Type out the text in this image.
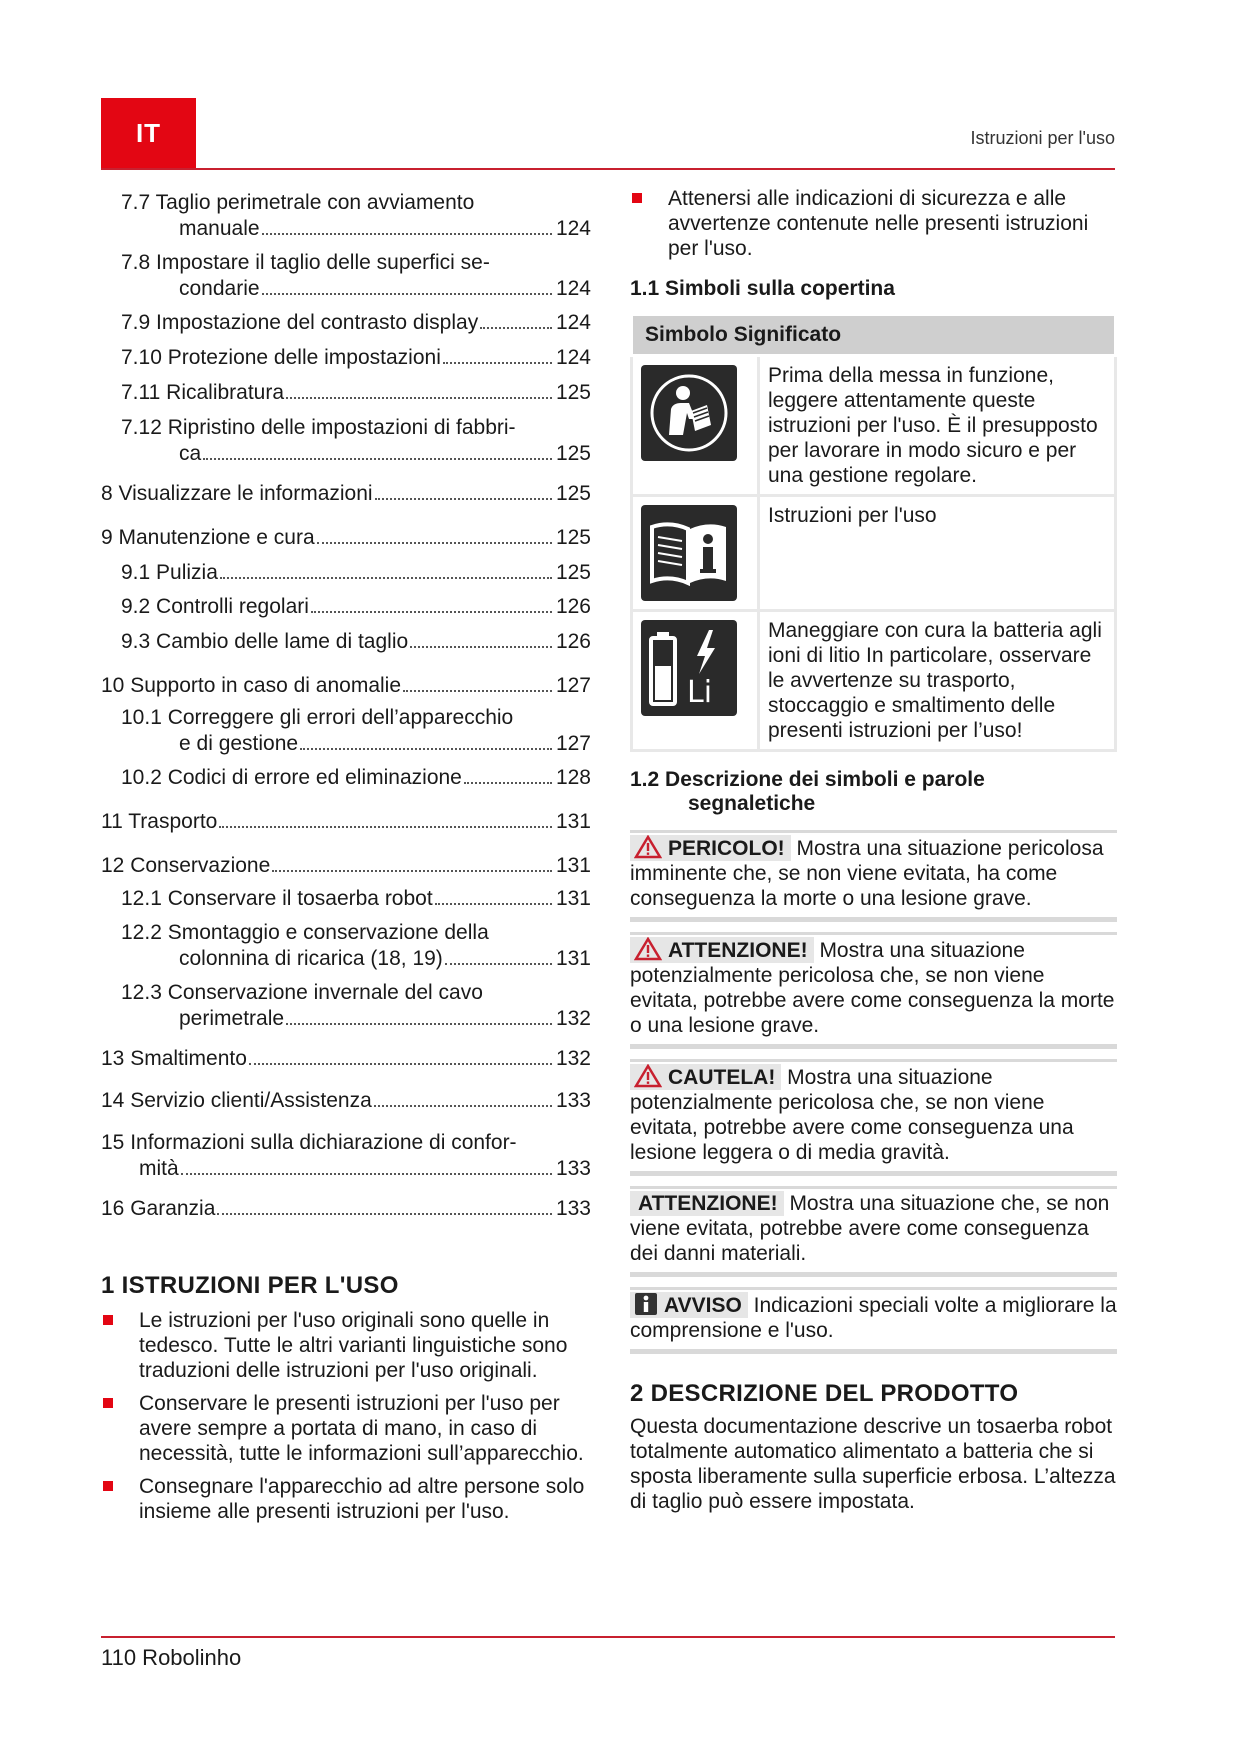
IT	Istruzioni per l'uso
7.7 Taglio perimetrale con avviamento
manuale	124
7.8 Impostare il taglio delle superfici se-
condarie	124
7.9 Impostazione del contrasto display	124
7.10 Protezione delle impostazioni	124
7.11 Ricalibratura	125
7.12 Ripristino delle impostazioni di fabbri-
ca	125
8 Visualizzare le informazioni	125
9 Manutenzione e cura	125
9.1 Pulizia	125
9.2 Controlli regolari	126
9.3 Cambio delle lame di taglio	126
10 Supporto in caso di anomalie	127
10.1 Correggere gli errori dell’apparecchio
e di gestione	127
10.2 Codici di errore ed eliminazione	128
11 Trasporto	131
12 Conservazione	131
12.1 Conservare il tosaerba robot	131
12.2 Smontaggio e conservazione della
colonnina di ricarica (18, 19)	131
12.3 Conservazione invernale del cavo
perimetrale	132
13 Smaltimento	132
14 Servizio clienti/Assistenza	133
15 Informazioni sulla dichiarazione di confor-
mità	133
16 Garanzia	133
1 ISTRUZIONI PER L'USO
Le istruzioni per l'uso originali sono quelle in tedesco. Tutte le altri varianti linguistiche sono traduzioni delle istruzioni per l'uso originali.
Conservare le presenti istruzioni per l'uso per avere sempre a portata di mano, in caso di necessità, tutte le informazioni sull’apparecchio.
Consegnare l'apparecchio ad altre persone solo insieme alle presenti istruzioni per l'uso.
Attenersi alle indicazioni di sicurezza e alle avvertenze contenute nelle presenti istruzioni per l'uso.
1.1 Simboli sulla copertina
Simbolo Significato	

	Prima della messa in funzione, leggere attentamente queste istruzioni per l'uso. È il presupposto per lavorare in modo sicuro e per una gestione regolare.

	Istruzioni per l'uso

Li	Maneggiare con cura la batteria agli ioni di litio In particolare, osservare le avvertenze su trasporto, stoccaggio e smaltimento delle presenti istruzioni per l’uso!
1.2 Descrizione dei simboli e parole
segnaletiche
PERICOLO! Mostra una situazione pericolosa imminente che, se non viene evitata, ha come conseguenza la morte o una lesione grave.
ATTENZIONE! Mostra una situazione potenzialmente pericolosa che, se non viene evitata, potrebbe avere come conseguenza la morte o una lesione grave.
CAUTELA! Mostra una situazione potenzialmente pericolosa che, se non viene evitata, potrebbe avere come conseguenza una lesione leggera o di media gravità.
ATTENZIONE! Mostra una situazione che, se non viene evitata, potrebbe avere come conseguenza dei danni materiali.
AVVISO Indicazioni speciali volte a migliorare la comprensione e l'uso.
2 DESCRIZIONE DEL PRODOTTO
Questa documentazione descrive un tosaerba robot totalmente automatico alimentato a batteria che si sposta liberamente sulla superficie erbosa. L’altezza di taglio può essere impostata.
110 Robolinho
